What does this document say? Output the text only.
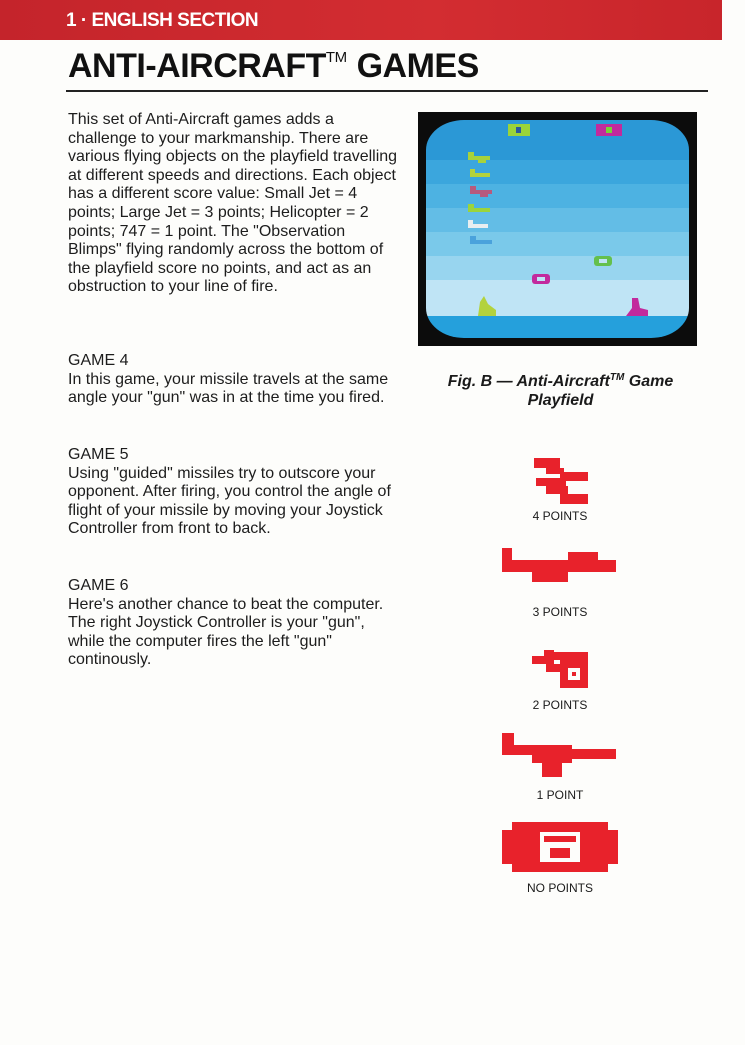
1 · ENGLISH SECTION
ANTI-AIRCRAFT™ GAMES
This set of Anti-Aircraft games adds a challenge to your markmanship. There are various flying objects on the playfield travelling at different speeds and directions. Each object has a different score value: Small Jet = 4 points; Large Jet = 3 points; Helicopter = 2 points; 747 = 1 point. The "Observation Blimps" flying randomly across the bottom of the playfield score no points, and act as an obstruction to your line of fire.
GAME 4
In this game, your missile travels at the same angle your "gun" was in at the time you fired.
GAME 5
Using "guided" missiles try to outscore your opponent. After firing, you control the angle of flight of your missile by moving your Joystick Controller from front to back.
GAME 6
Here's another chance to beat the computer. The right Joystick Controller is your "gun", while the computer fires the left "gun" continously.
Fig. B — Anti-Aircraft™ Game Playfield
4 POINTS
3 POINTS
2 POINTS
1 POINT
NO POINTS
